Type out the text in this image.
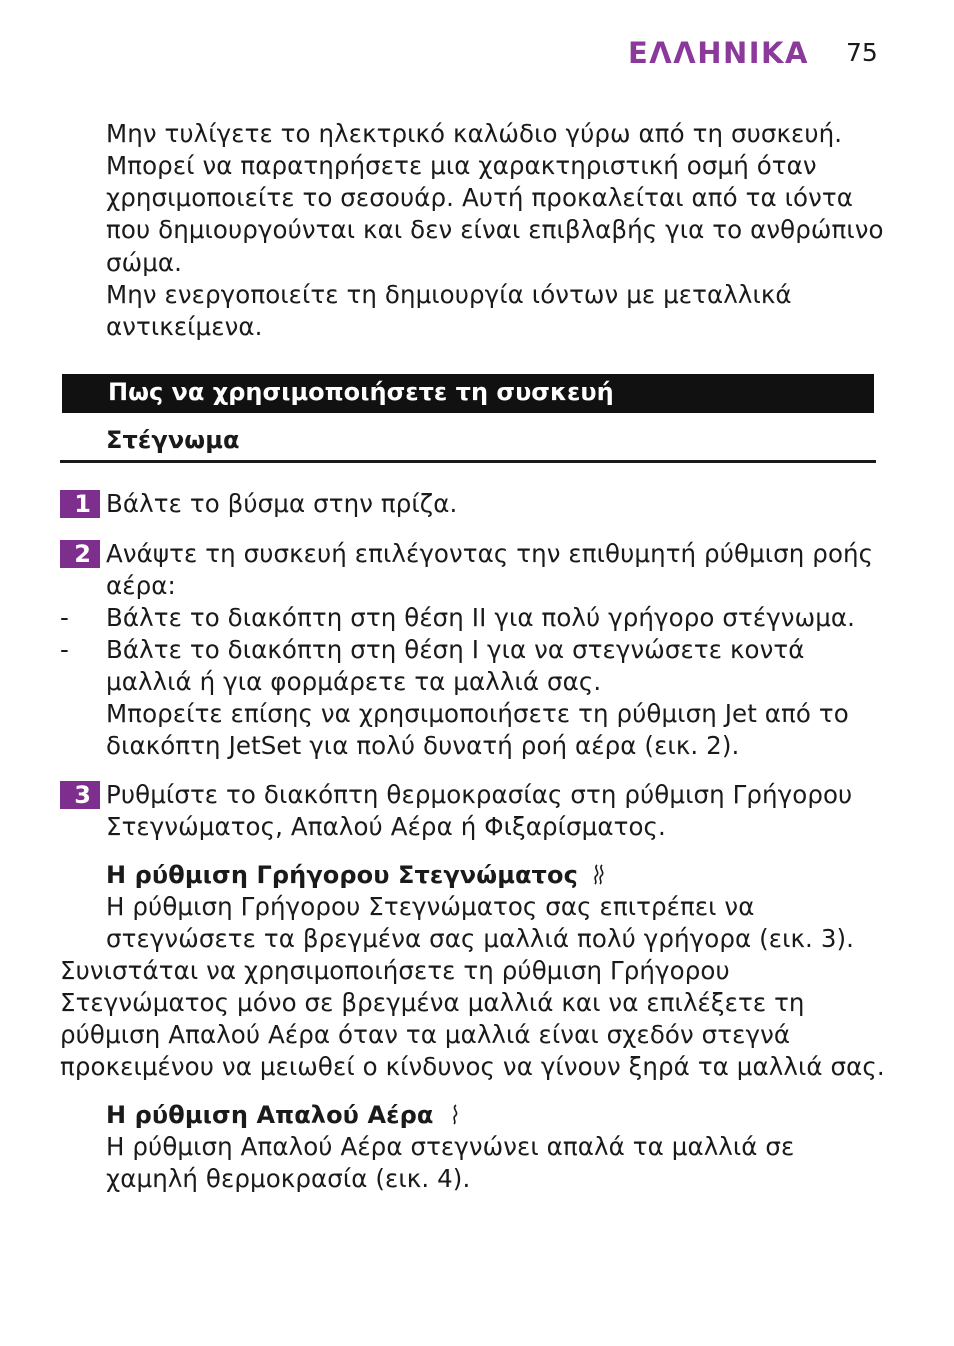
ΕΛΛΗΝΙΚΑ 75
Μην τυλίγετε το ηλεκτρικό καλώδιο γύρω από τη συσκευή.
Μπορεί να παρατηρήσετε μια χαρακτηριστική οσμή όταν
χρησιμοποιείτε το σεσουάρ. Αυτή προκαλείται από τα ιόντα
που δημιουργούνται και δεν είναι επιβλαβής για το ανθρώπινο
σώμα.
Μην ενεργοποιείτε τη δημιουργία ιόντων με μεταλλικά
αντικείμενα.
Πως να χρησιμοποιήσετε τη συσκευή
Στέγνωμα
1 Βάλτε το βύσμα στην πρίζα.
2 Ανάψτε τη συσκευή επιλέγοντας την επιθυμητή ρύθμιση ροής
αέρα:
- Βάλτε το διακόπτη στη θέση ΙΙ για πολύ γρήγορο στέγνωμα.
- Βάλτε το διακόπτη στη θέση Ι για να στεγνώσετε κοντά
μαλλιά ή για φορμάρετε τα μαλλιά σας.
Μπορείτε επίσης να χρησιμοποιήσετε τη ρύθμιση Jet από το
διακόπτη JetSet για πολύ δυνατή ροή αέρα (εικ. 2).
3 Ρυθμίστε το διακόπτη θερμοκρασίας στη ρύθμιση Γρήγορου
Στεγνώματος, Απαλού Αέρα ή Φιξαρίσματος.
Η ρύθμιση Γρήγορου Στεγνώματος
Η ρύθμιση Γρήγορου Στεγνώματος σας επιτρέπει να
στεγνώσετε τα βρεγμένα σας μαλλιά πολύ γρήγορα (εικ. 3).
Συνιστάται να χρησιμοποιήσετε τη ρύθμιση Γρήγορου
Στεγνώματος μόνο σε βρεγμένα μαλλιά και να επιλέξετε τη
ρύθμιση Απαλού Αέρα όταν τα μαλλιά είναι σχεδόν στεγνά
προκειμένου να μειωθεί ο κίνδυνος να γίνουν ξηρά τα μαλλιά σας.
Η ρύθμιση Απαλού Αέρα
Η ρύθμιση Απαλού Αέρα στεγνώνει απαλά τα μαλλιά σε
χαμηλή θερμοκρασία (εικ. 4).
